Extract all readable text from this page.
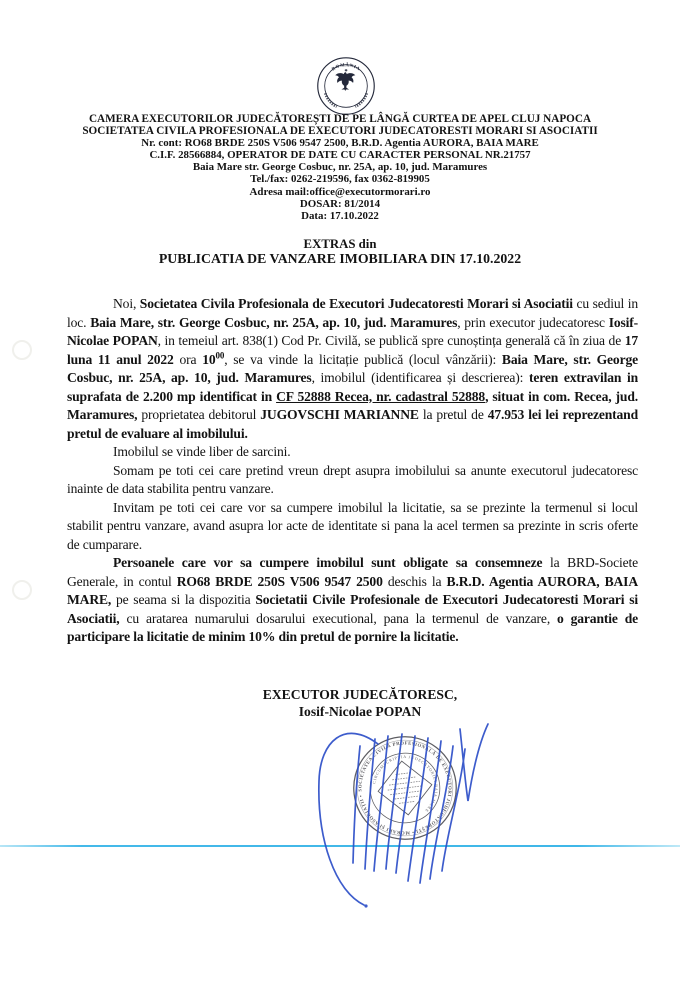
ROMÂNIA
CAMERA EXECUTORILOR JUDECĂTOREȘTI DE PE LÂNGĂ CURTEA DE APEL CLUJ NAPOCA
SOCIETATEA CIVILA PROFESIONALA DE EXECUTORI JUDECATORESTI MORARI SI ASOCIATII
Nr. cont: RO68 BRDE 250S V506 9547 2500, B.R.D. Agentia AURORA, BAIA MARE
C.I.F. 28566884, OPERATOR DE DATE CU CARACTER PERSONAL NR.21757
Baia Mare str. George Cosbuc, nr. 25A, ap. 10, jud. Maramures
Tel./fax: 0262-219596, fax 0362-819905
Adresa mail:office@executormorari.ro
DOSAR: 81/2014
Data: 17.10.2022
EXTRAS din
PUBLICATIA DE VANZARE IMOBILIARA DIN 17.10.2022

Noi, Societatea Civila Profesionala de Executori Judecatoresti Morari si Asociatii cu sediul in loc. Baia Mare, str. George Cosbuc, nr. 25A, ap. 10, jud. Maramures, prin executor judecatoresc Iosif-Nicolae POPAN, in temeiul art. 838(1) Cod Pr. Civilă, se publică spre cunoștința generală că în ziua de 17 luna 11 anul 2022 ora $10^{00}$, se va vinde la licitație publică (locul vânzării): Baia Mare, str. George Cosbuc, nr. 25A, ap. 10, jud. Maramures, imobilul (identificarea și descrierea): teren extravilan in suprafata de 2.200 mp identificat in CF 52888 Recea, nr. cadastral 52888, situat in com. Recea, jud. Maramures, proprietatea debitorul JUGOVSCHI MARIANNE la pretul de 47.953 lei lei reprezentand pretul de evaluare al imobilului.

Imobilul se vinde liber de sarcini.

Somam pe toti cei care pretind vreun drept asupra imobilului sa anunte executorul judecatoresc inainte de data stabilita pentru vanzare.

Invitam pe toti cei care vor sa cumpere imobilul la licitatie, sa se prezinte la termenul si locul stabilit pentru vanzare, avand asupra lor acte de identitate si pana la acel termen sa prezinte in scris oferte de cumparare.

Persoanele care vor sa cumpere imobilul sunt obligate sa consemneze la BRD-Societe Generale, in contul RO68 BRDE 250S V506 9547 2500 deschis la B.R.D. Agentia AURORA, BAIA MARE, pe seama si la dispozitia Societatii Civile Profesionale de Executori Judecatoresti Morari si Asociatii, cu aratarea numarului dosarului executional, pana la termenul de vanzare, o garantie de participare la licitatie de minim 10% din pretul de pornire la licitatie.

EXECUTOR JUDECĂTORESC,
Iosif-Nicolae POPAN
SOCIETATEA CIVILĂ PROFESIONALĂ DE EXECUTORI JUDECĂTOREȘTI • MORARI ȘI ASOCIAȚII •
CIRCUMSCRIPȚIA JUDECĂTORIEI BAIA MARE
